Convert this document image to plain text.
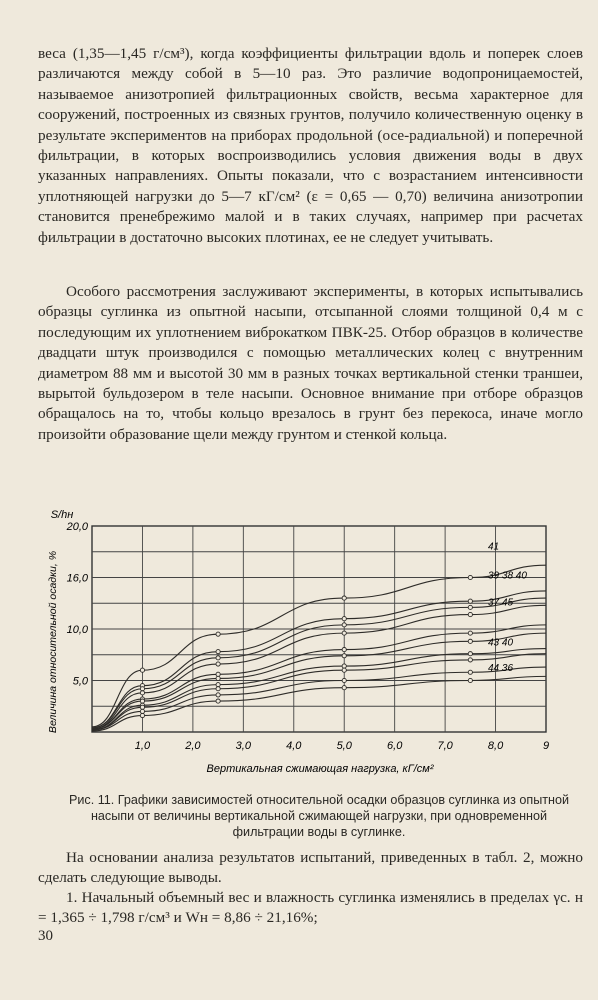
веса (1,35—1,45 г/см³), когда коэффициенты фильтрации вдоль и поперек слоев различаются между собой в 5—10 раз. Это различие водопроницаемостей, называемое анизотропией фильтрационных свойств, весьма характерное для сооружений, построенных из связных грунтов, получило количественную оценку в результате экспериментов на приборах продольной (осе-радиальной) и поперечной фильтрации, в которых воспроизводились условия движения воды в двух указанных направлениях. Опыты показали, что с возрастанием интенсивности уплотняющей нагрузки до 5—7 кГ/см² (ε = 0,65 — 0,70) величина анизотропии становится пренебрежимо малой и в таких случаях, например при расчетах фильтрации в достаточно высоких плотинах, ее не следует учитывать.

Особого рассмотрения заслуживают эксперименты, в которых испытывались образцы суглинка из опытной насыпи, отсыпанной слоями толщиной 0,4 м с последующим их уплотнением виброкатком ПВК-25. Отбор образцов в количестве двадцати штук производился с помощью металлических колец с внутренним диаметром 88 мм и высотой 30 мм в разных точках вертикальной стенки траншеи, вырытой бульдозером в теле насыпи. Основное внимание при отборе образцов обращалось на то, чтобы кольцо врезалось в грунт без перекоса, иначе могло произойти образование щели между грунтом и стенкой кольца.

1,0	2,0	3,0	4,0	5,0	6,0	7,0	8,0	9
5,0
10,0
16,0
20,0
41
39 38 40
37 45
43 40
44 36
S/hн
Величина относительной осадки, %
Вертикальная сжимающая нагрузка, кГ/см²

Рис. 11. Графики зависимостей относительной осадки образцов суглинка из опытной насыпи от величины вертикальной сжимающей нагрузки, при одновременной фильтрации воды в суглинке.

На основании анализа результатов испытаний, приведенных в табл. 2, можно сделать следующие выводы.

1. Начальный объемный вес и влажность суглинка изменялись в пределах γс. н = 1,365 ÷ 1,798 г/см³ и Wн = 8,86 ÷ 21,16%;

30
